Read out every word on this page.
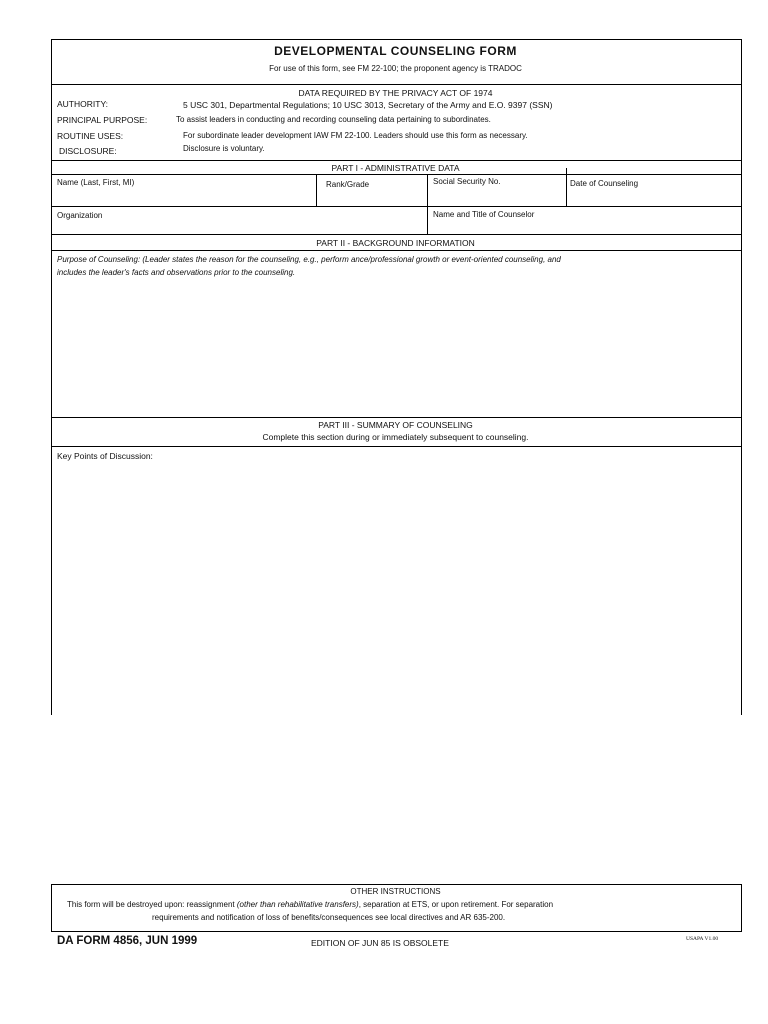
DEVELOPMENTAL COUNSELING FORM
For use of this form, see FM 22-100; the proponent agency is TRADOC
DATA REQUIRED BY THE PRIVACY ACT OF 1974
AUTHORITY:	5 USC 301, Departmental Regulations; 10 USC 3013, Secretary of the Army and E.O. 9397 (SSN)
PRINCIPAL PURPOSE:	To assist leaders in conducting and recording counseling data pertaining to subordinates.
ROUTINE USES:	For subordinate leader development IAW FM 22-100. Leaders should use this form as necessary.
DISCLOSURE:	Disclosure is voluntary.
PART I - ADMINISTRATIVE DATA
Name (Last, First, MI)	Rank/Grade	Social Security No.	Date of Counseling
Organization	Name and Title of Counselor
PART II - BACKGROUND INFORMATION
Purpose of Counseling: (Leader states the reason for the counseling, e.g., perform ance/professional growth or event-oriented counseling, and
includes the leader's facts and observations prior to the counseling.
PART III - SUMMARY OF COUNSELING
Complete this section during or immediately subsequent to counseling.
Key Points of Discussion:
OTHER INSTRUCTIONS
This form will be destroyed upon: reassignment (other than rehabilitative transfers), separation at ETS, or upon retirement. For separation
requirements and notification of loss of benefits/consequences see local directives and AR 635-200.
DA FORM 4856, JUN 1999	EDITION OF JUN 85 IS OBSOLETE	USAPA V1.00
